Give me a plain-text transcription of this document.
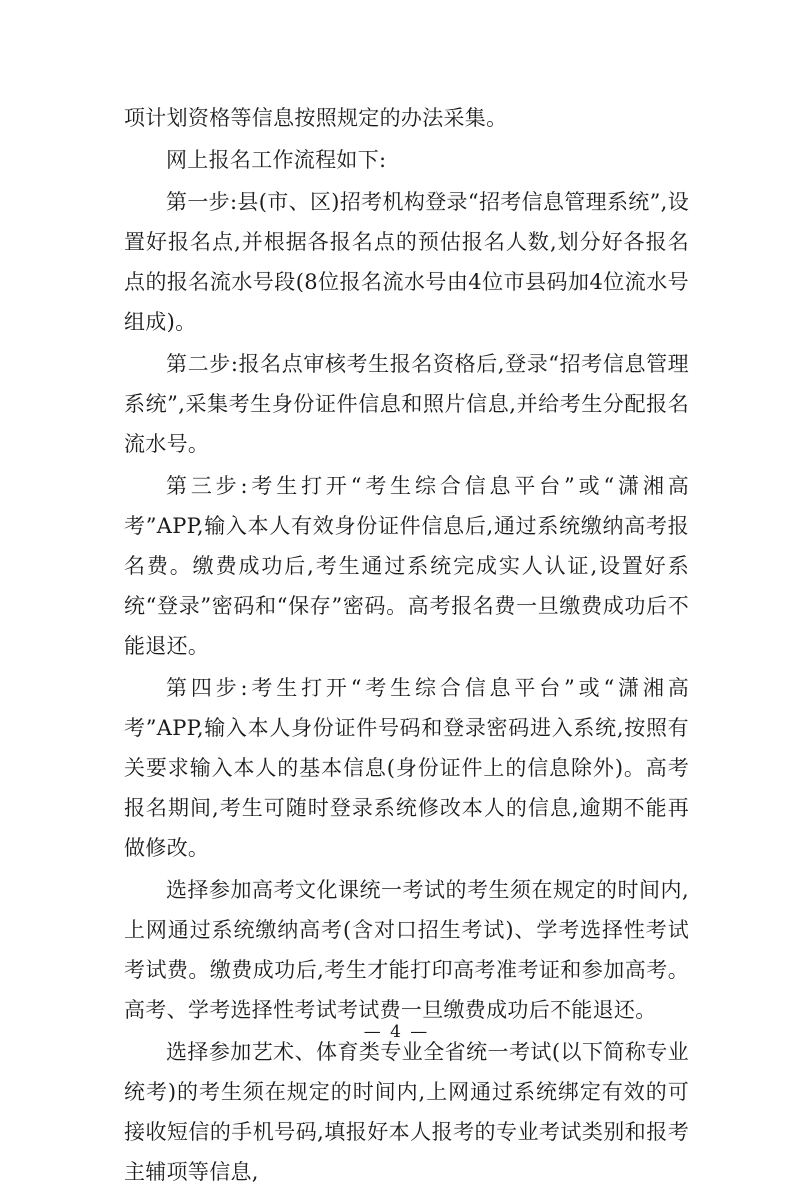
项计划资格等信息按照规定的办法采集。

网上报名工作流程如下:

第一步:县(市、区)招考机构登录“招考信息管理系统”,设置好报名点,并根据各报名点的预估报名人数,划分好各报名点的报名流水号段(8位报名流水号由4位市县码加4位流水号组成)。

第二步:报名点审核考生报名资格后,登录“招考信息管理系统”,采集考生身份证件信息和照片信息,并给考生分配报名流水号。

第三步:考生打开“考生综合信息平台”或“潇湘高考”APP,输入本人有效身份证件信息后,通过系统缴纳高考报名费。缴费成功后,考生通过系统完成实人认证,设置好系统“登录”密码和“保存”密码。高考报名费一旦缴费成功后不能退还。

第四步:考生打开“考生综合信息平台”或“潇湘高考”APP,输入本人身份证件号码和登录密码进入系统,按照有关要求输入本人的基本信息(身份证件上的信息除外)。高考报名期间,考生可随时登录系统修改本人的信息,逾期不能再做修改。

选择参加高考文化课统一考试的考生须在规定的时间内,上网通过系统缴纳高考(含对口招生考试)、学考选择性考试考试费。缴费成功后,考生才能打印高考准考证和参加高考。高考、学考选择性考试考试费一旦缴费成功后不能退还。

选择参加艺术、体育类专业全省统一考试(以下简称专业统考)的考生须在规定的时间内,上网通过系统绑定有效的可接收短信的手机号码,填报好本人报考的专业考试类别和报考主辅项等信息,

— 4 —
